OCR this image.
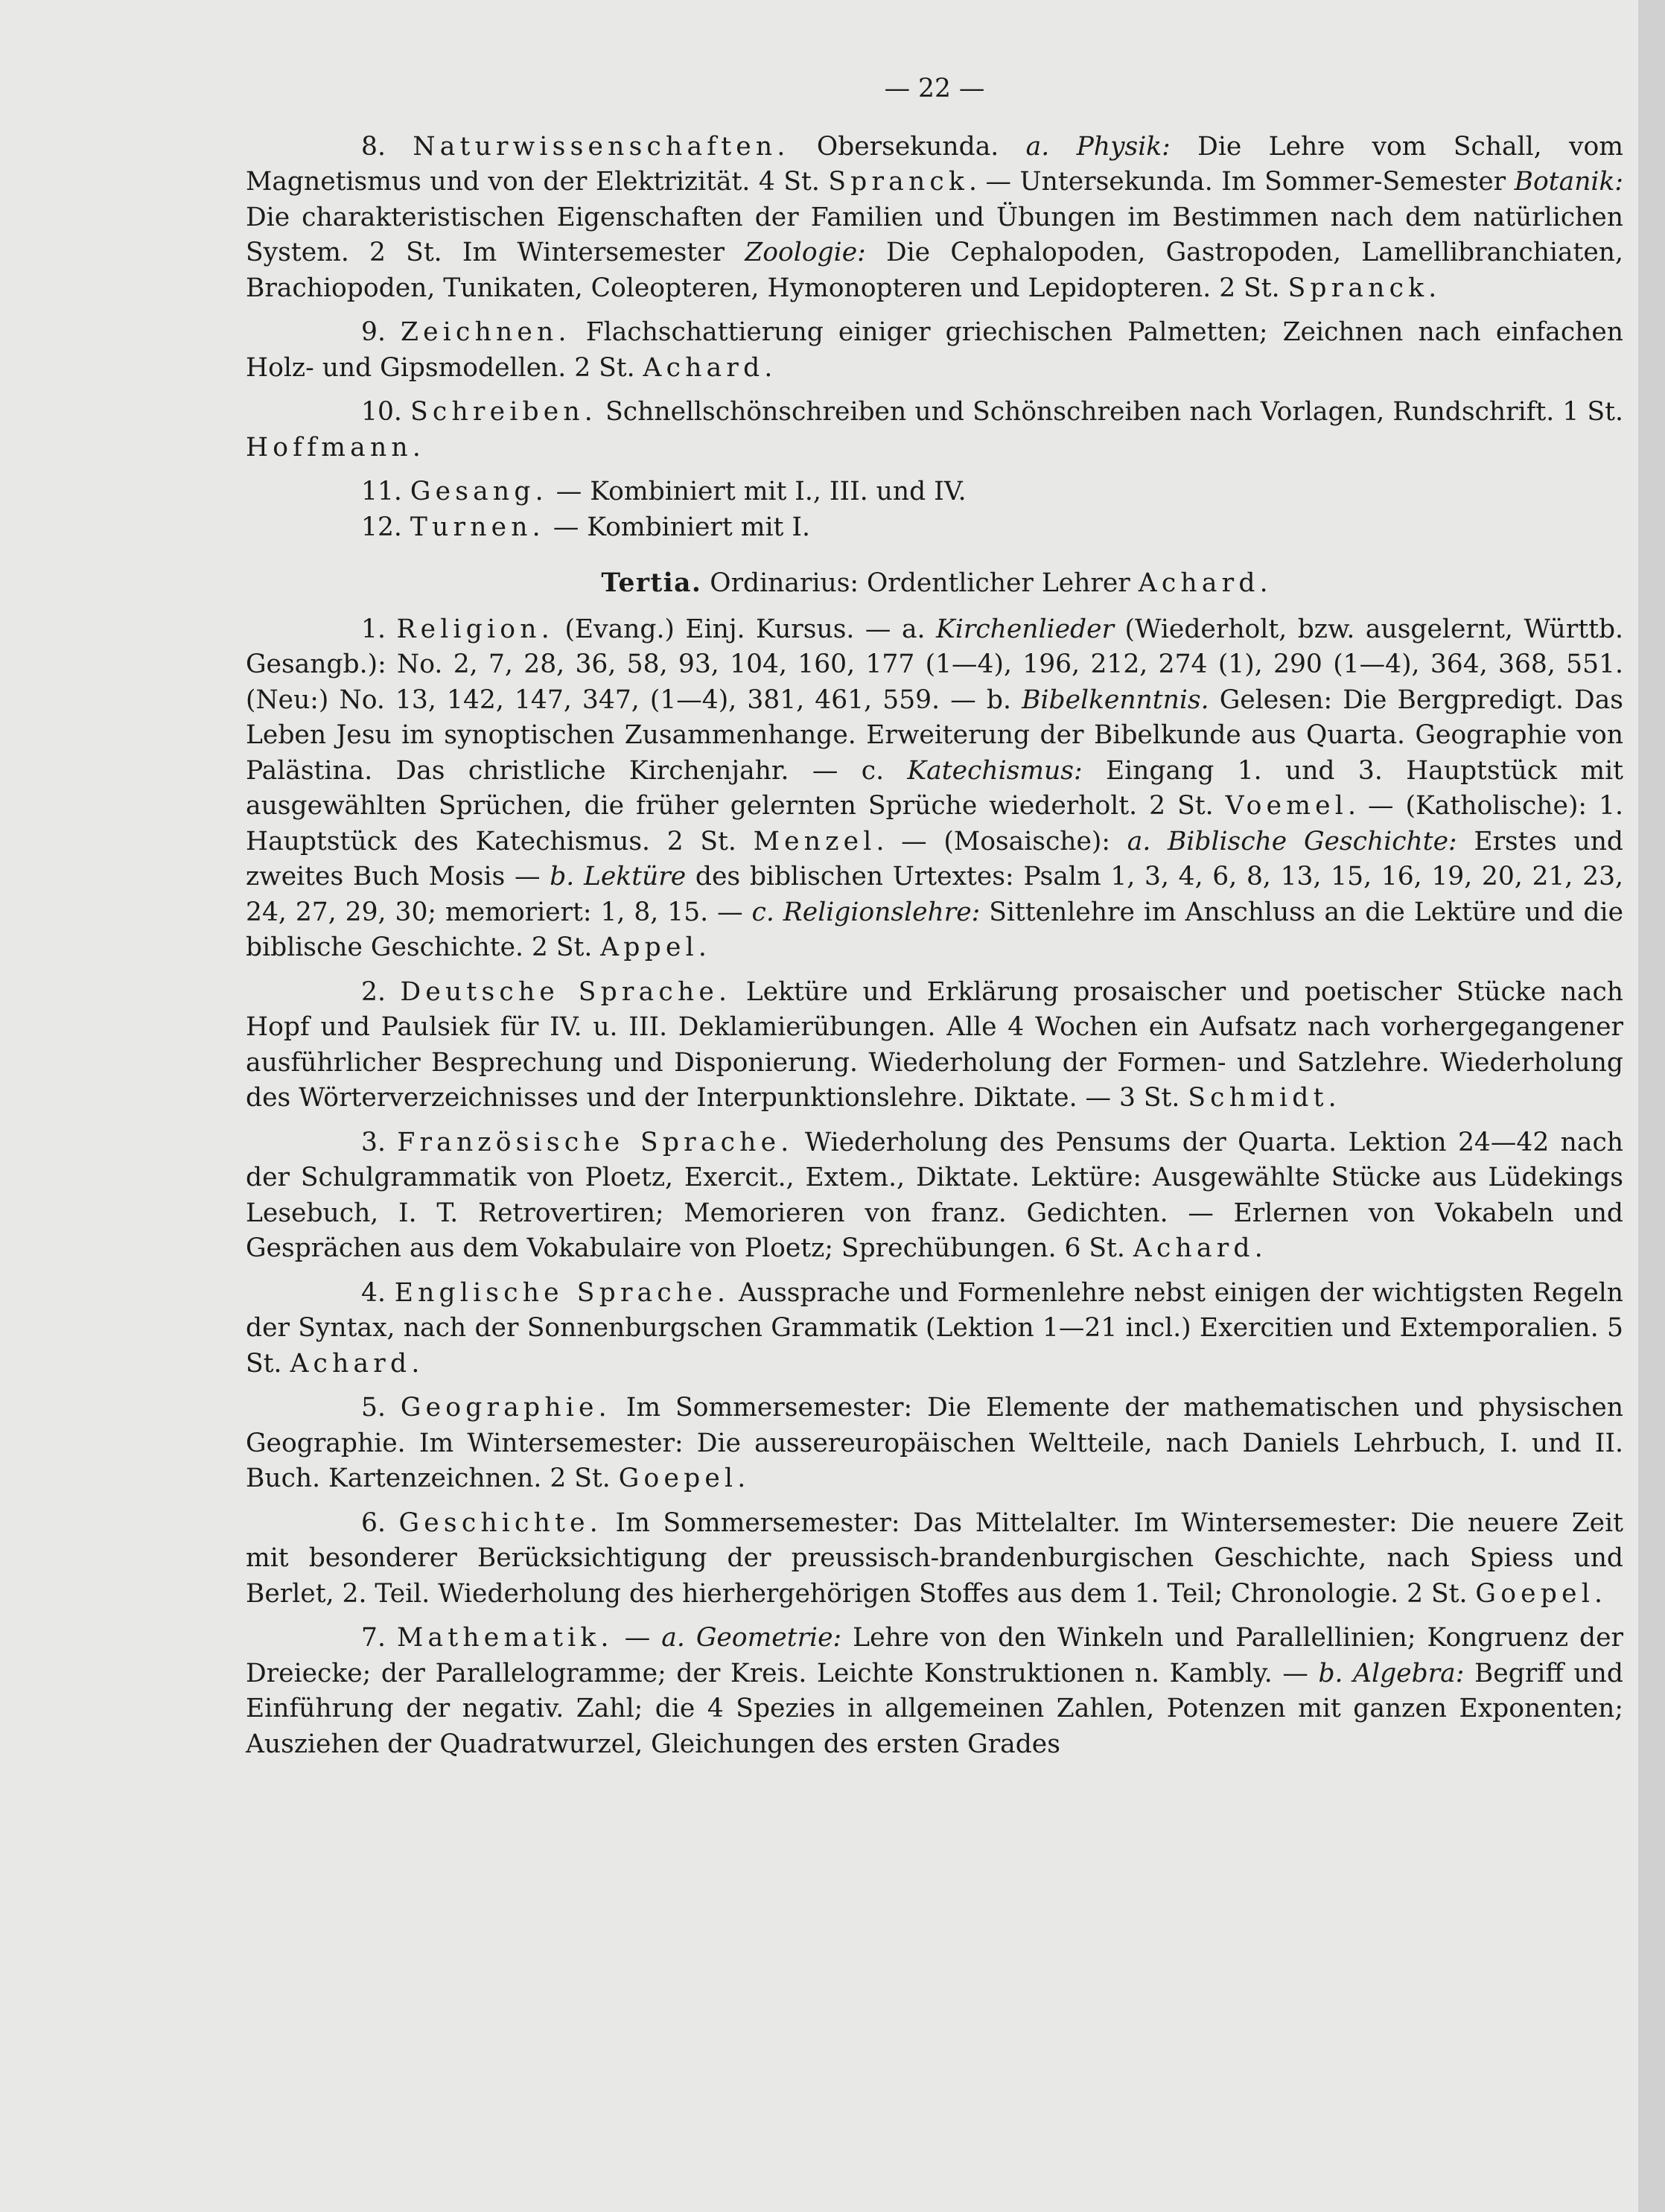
— 22 —

8. Naturwissenschaften. Obersekunda. a. Physik: Die Lehre vom Schall, vom Magnetismus und von der Elektrizität. 4 St. Spranck. — Untersekunda. Im Sommer-Semester Botanik: Die charakteristischen Eigenschaften der Familien und Übungen im Bestimmen nach dem natürlichen System. 2 St. Im Wintersemester Zoologie: Die Cephalopoden, Gastropoden, Lamellibranchiaten, Brachiopoden, Tunikaten, Coleopteren, Hymonopteren und Lepidopteren. 2 St. Spranck.

9. Zeichnen. Flachschattierung einiger griechischen Palmetten; Zeichnen nach einfachen Holz- und Gipsmodellen. 2 St. Achard.

10. Schreiben. Schnellschönschreiben und Schönschreiben nach Vorlagen, Rundschrift. 1 St. Hoffmann.

11. Gesang. — Kombiniert mit I., III. und IV.

12. Turnen. — Kombiniert mit I.

Tertia. Ordinarius: Ordentlicher Lehrer Achard.

1. Religion. (Evang.) Einj. Kursus. — a. Kirchenlieder (Wiederholt, bzw. ausgelernt, Württb. Gesangb.): No. 2, 7, 28, 36, 58, 93, 104, 160, 177 (1—4), 196, 212, 274 (1), 290 (1—4), 364, 368, 551. (Neu:) No. 13, 142, 147, 347, (1—4), 381, 461, 559. — b. Bibelkenntnis. Gelesen: Die Bergpredigt. Das Leben Jesu im synoptischen Zusammenhange. Erweiterung der Bibelkunde aus Quarta. Geographie von Palästina. Das christliche Kirchenjahr. — c. Katechismus: Eingang 1. und 3. Hauptstück mit ausgewählten Sprüchen, die früher gelernten Sprüche wiederholt. 2 St. Voemel. — (Katholische): 1. Hauptstück des Katechismus. 2 St. Menzel. — (Mosaische): a. Biblische Geschichte: Erstes und zweites Buch Mosis — b. Lektüre des biblischen Urtextes: Psalm 1, 3, 4, 6, 8, 13, 15, 16, 19, 20, 21, 23, 24, 27, 29, 30; memoriert: 1, 8, 15. — c. Religionslehre: Sittenlehre im Anschluss an die Lektüre und die biblische Geschichte. 2 St. Appel.

2. Deutsche Sprache. Lektüre und Erklärung prosaischer und poetischer Stücke nach Hopf und Paulsiek für IV. u. III. Deklamierübungen. Alle 4 Wochen ein Aufsatz nach vorhergegangener ausführlicher Besprechung und Disponierung. Wiederholung der Formen- und Satzlehre. Wiederholung des Wörterverzeichnisses und der Interpunktionslehre. Diktate. — 3 St. Schmidt.

3. Französische Sprache. Wiederholung des Pensums der Quarta. Lektion 24—42 nach der Schulgrammatik von Ploetz, Exercit., Extem., Diktate. Lektüre: Ausgewählte Stücke aus Lüdekings Lesebuch, I. T. Retrovertiren; Memorieren von franz. Gedichten. — Erlernen von Vokabeln und Gesprächen aus dem Vokabulaire von Ploetz; Sprechübungen. 6 St. Achard.

4. Englische Sprache. Aussprache und Formenlehre nebst einigen der wichtigsten Regeln der Syntax, nach der Sonnenburgschen Grammatik (Lektion 1—21 incl.) Exercitien und Extemporalien. 5 St. Achard.

5. Geographie. Im Sommersemester: Die Elemente der mathematischen und physischen Geographie. Im Wintersemester: Die aussereuropäischen Weltteile, nach Daniels Lehrbuch, I. und II. Buch. Kartenzeichnen. 2 St. Goepel.

6. Geschichte. Im Sommersemester: Das Mittelalter. Im Wintersemester: Die neuere Zeit mit besonderer Berücksichtigung der preussisch-brandenburgischen Geschichte, nach Spiess und Berlet, 2. Teil. Wiederholung des hierhergehörigen Stoffes aus dem 1. Teil; Chronologie. 2 St. Goepel.

7. Mathematik. — a. Geometrie: Lehre von den Winkeln und Parallellinien; Kongruenz der Dreiecke; der Parallelogramme; der Kreis. Leichte Konstruktionen n. Kambly. — b. Algebra: Begriff und Einführung der negativ. Zahl; die 4 Spezies in allgemeinen Zahlen, Potenzen mit ganzen Exponenten; Ausziehen der Quadratwurzel, Gleichungen des ersten Grades
